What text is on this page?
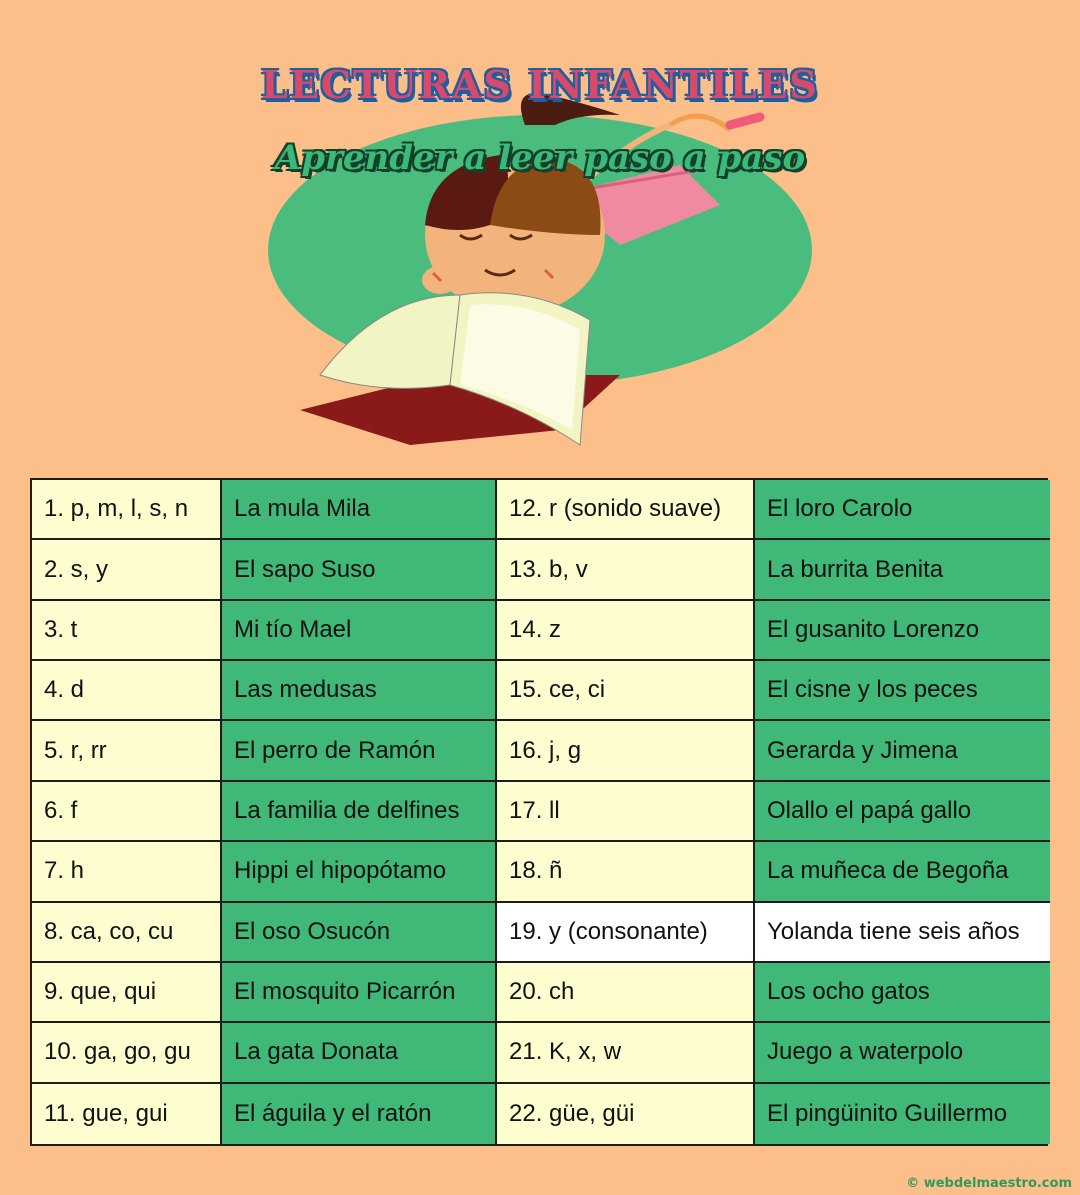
LECTURAS INFANTILES
Aprender a leer paso a paso
1. p, m, l, s, n	La mula Mila	12. r (sonido suave)	El loro Carolo
2. s, y	El sapo Suso	13. b, v	La burrita Benita
3. t	Mi tío Mael	14. z	El gusanito Lorenzo
4. d	Las medusas	15. ce, ci	El cisne y los peces
5. r, rr	El perro de Ramón	16. j, g	Gerarda y Jimena
6. f	La familia de delfines	17. ll	Olallo el papá gallo
7. h	Hippi el hipopótamo	18. ñ	La muñeca de Begoña
8. ca, co, cu	El oso Osucón	19. y (consonante)	Yolanda tiene seis años
9. que, qui	El mosquito Picarrón	20. ch	Los ocho gatos
10. ga, go, gu	La gata Donata	21. K, x, w	Juego a waterpolo
11. gue, gui	El águila y el ratón	22. güe, güi	El pingüinito Guillermo
© webdelmaestro.com
